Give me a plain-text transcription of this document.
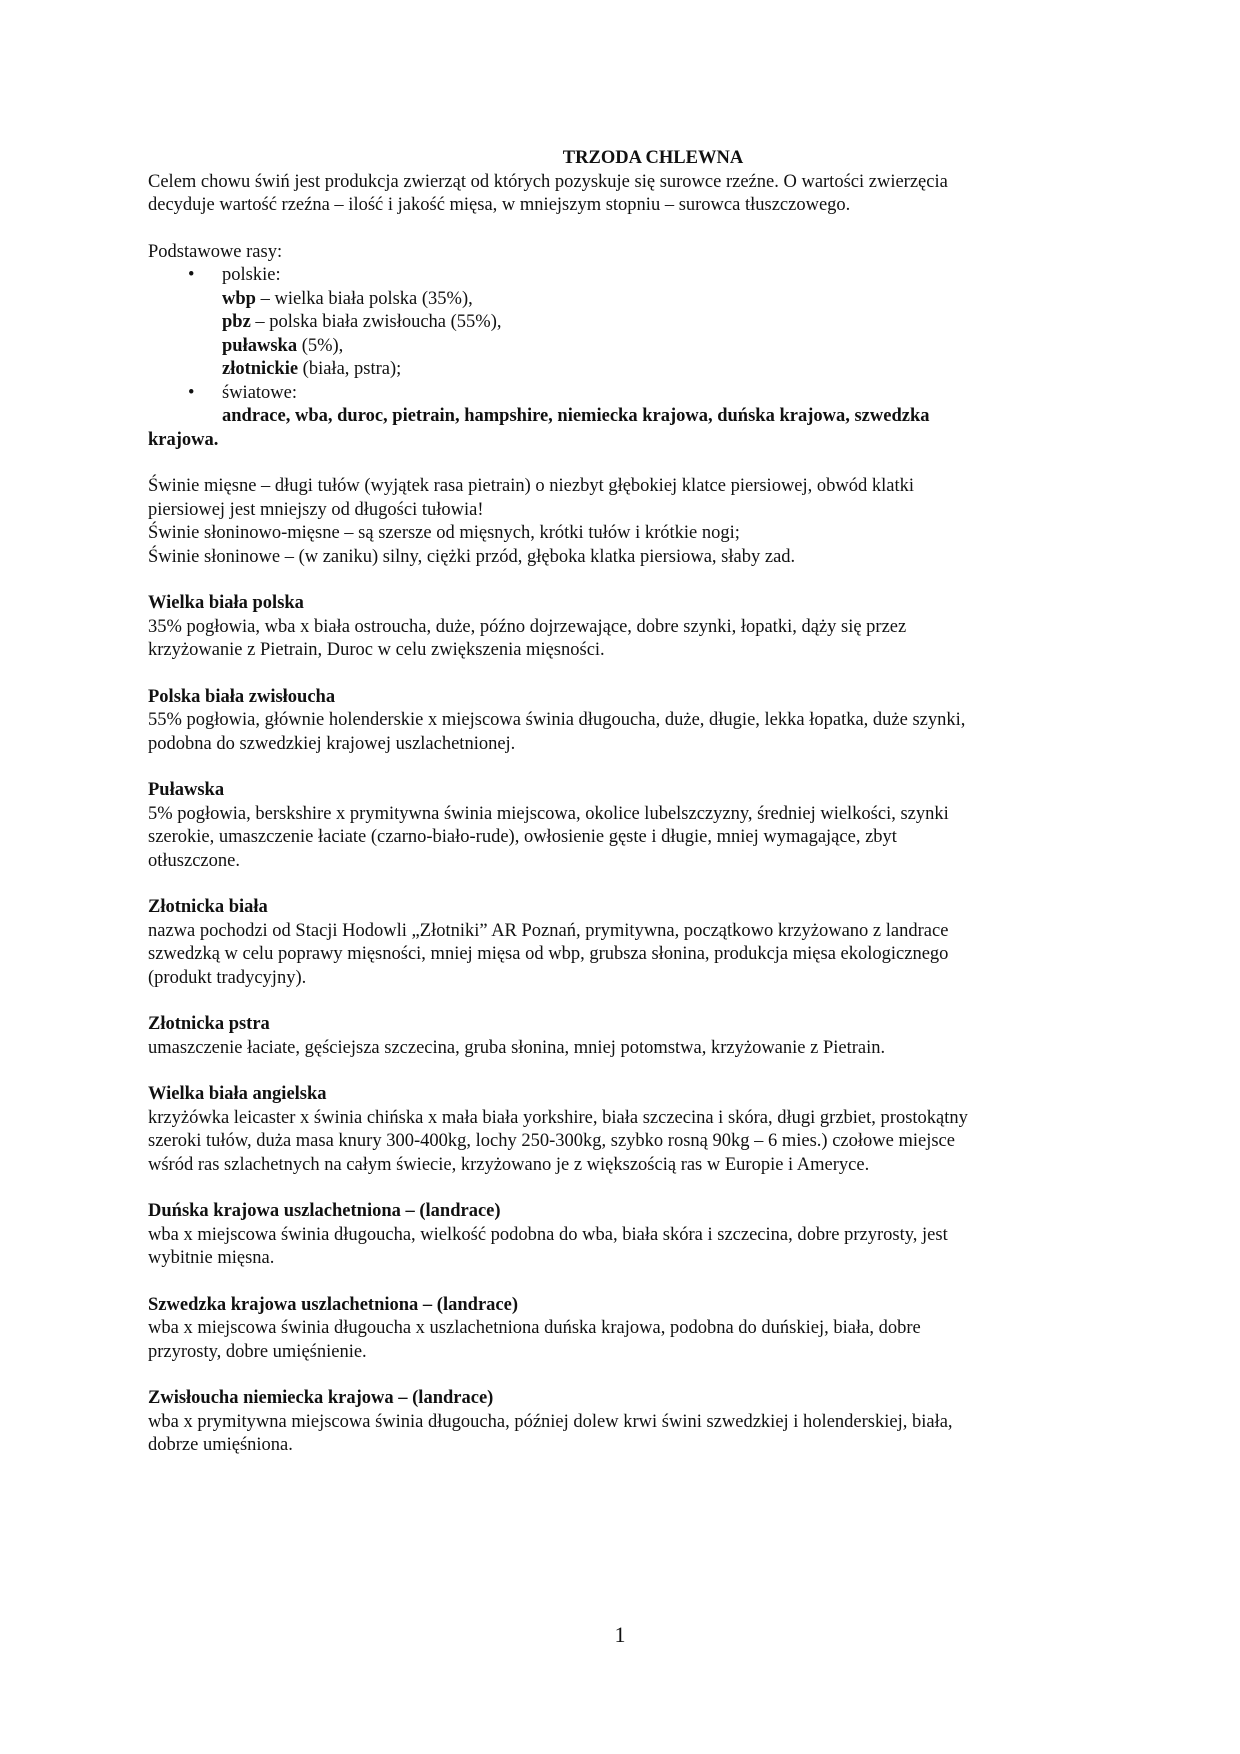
TRZODA CHLEWNA

Celem chowu świń jest produkcja zwierząt od których pozyskuje się surowce rzeźne. O wartości zwierzęcia

decyduje wartość rzeźna – ilość i jakość mięsa, w mniejszym stopniu – surowca tłuszczowego.

Podstawowe rasy:

• polskie:
wbp – wielka biała polska (35%),
pbz – polska biała zwisłoucha (55%),
puławska (5%),
złotnickie (biała, pstra);
• światowe:
andrace, wba, duroc, pietrain, hampshire, niemiecka krajowa, duńska krajowa, szwedzka
krajowa.

Świnie mięsne – długi tułów (wyjątek rasa pietrain) o niezbyt głębokiej klatce piersiowej, obwód klatki

piersiowej jest mniejszy od długości tułowia!

Świnie słoninowo-mięsne – są szersze od mięsnych, krótki tułów i krótkie nogi;

Świnie słoninowe – (w zaniku) silny, ciężki przód, głęboka klatka piersiowa, słaby zad.

Wielka biała polska

35% pogłowia, wba x biała ostroucha, duże, późno dojrzewające, dobre szynki, łopatki, dąży się przez

krzyżowanie z Pietrain, Duroc w celu zwiększenia mięsności.

Polska biała zwisłoucha

55% pogłowia, głównie holenderskie x miejscowa świnia długoucha, duże, długie, lekka łopatka, duże szynki,

podobna do szwedzkiej krajowej uszlachetnionej.

Puławska

5% pogłowia, berskshire x prymitywna świnia miejscowa, okolice lubelszczyzny, średniej wielkości, szynki

szerokie, umaszczenie łaciate (czarno-biało-rude), owłosienie gęste i długie, mniej wymagające, zbyt

otłuszczone.

Złotnicka biała

nazwa pochodzi od Stacji Hodowli „Złotniki” AR Poznań, prymitywna, początkowo krzyżowano z landrace

szwedzką w celu poprawy mięsności, mniej mięsa od wbp, grubsza słonina, produkcja mięsa ekologicznego

(produkt tradycyjny).

Złotnicka pstra

umaszczenie łaciate, gęściejsza szczecina, gruba słonina, mniej potomstwa, krzyżowanie z Pietrain.

Wielka biała angielska

krzyżówka leicaster x świnia chińska x mała biała yorkshire, biała szczecina i skóra, długi grzbiet, prostokątny

szeroki tułów, duża masa knury 300-400kg, lochy 250-300kg, szybko rosną 90kg – 6 mies.) czołowe miejsce

wśród ras szlachetnych na całym świecie, krzyżowano je z większością ras w Europie i Ameryce.

Duńska krajowa uszlachetniona – (landrace)

wba x miejscowa świnia długoucha, wielkość podobna do wba, biała skóra i szczecina, dobre przyrosty, jest

wybitnie mięsna.

Szwedzka krajowa uszlachetniona – (landrace)

wba x miejscowa świnia długoucha x uszlachetniona duńska krajowa, podobna do duńskiej, biała, dobre

przyrosty, dobre umięśnienie.

Zwisłoucha niemiecka krajowa – (landrace)

wba x prymitywna miejscowa świnia długoucha, później dolew krwi świni szwedzkiej i holenderskiej, biała,

dobrze umięśniona.

1
